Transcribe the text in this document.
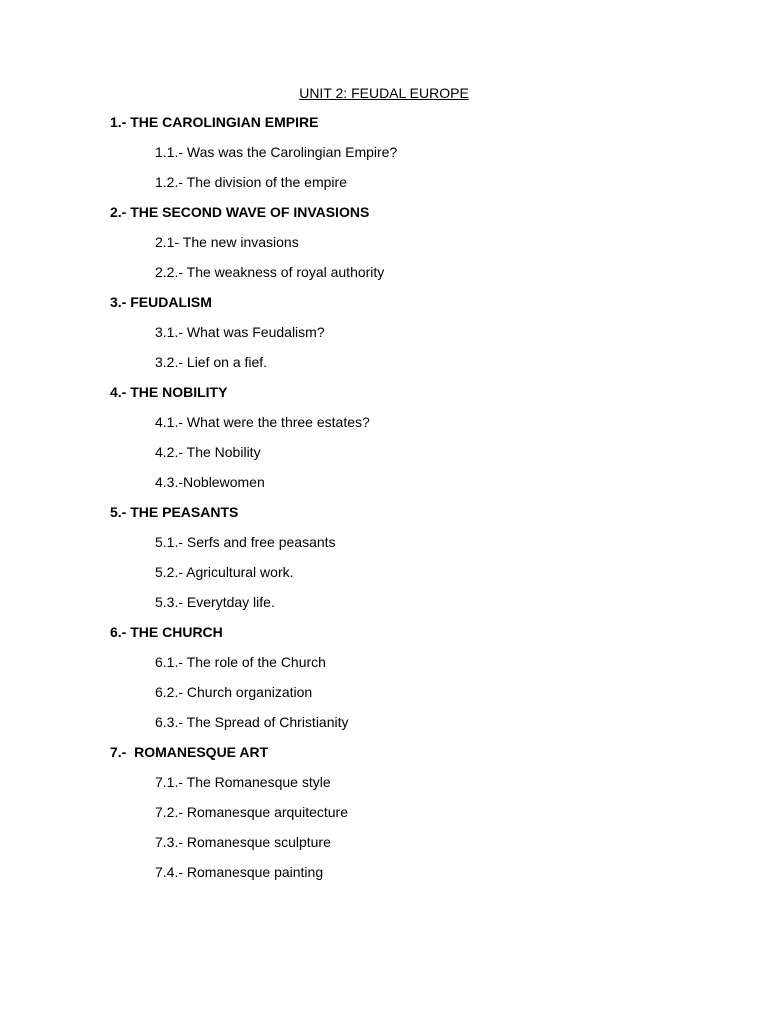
UNIT 2: FEUDAL EUROPE
1.- THE CAROLINGIAN EMPIRE
1.1.- Was was the Carolingian Empire?
1.2.- The division of the empire
2.- THE SECOND WAVE OF INVASIONS
2.1- The new invasions
2.2.- The weakness of royal authority
3.- FEUDALISM
3.1.- What was Feudalism?
3.2.- Lief on a fief.
4.- THE NOBILITY
4.1.- What were the three estates?
4.2.- The Nobility
4.3.-Noblewomen
5.- THE PEASANTS
5.1.- Serfs and free peasants
5.2.- Agricultural work.
5.3.- Everytday life.
6.- THE CHURCH
6.1.- The role of the Church
6.2.- Church organization
6.3.- The Spread of Christianity
7.-  ROMANESQUE ART
7.1.- The Romanesque style
7.2.- Romanesque arquitecture
7.3.- Romanesque sculpture
7.4.- Romanesque painting
